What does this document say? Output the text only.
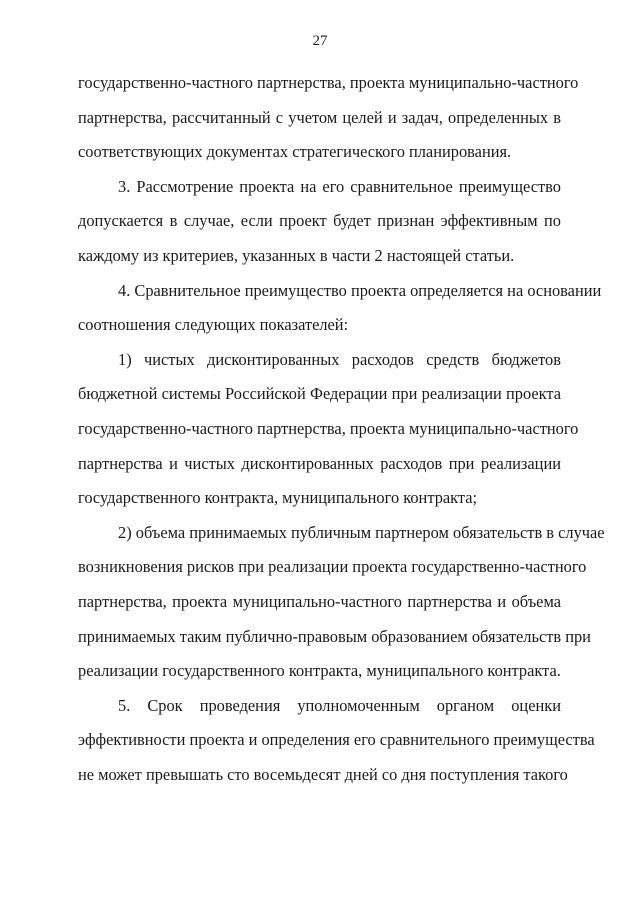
27
государственно-частного партнерства, проекта муниципально-частного
партнерства, рассчитанный с учетом целей и задач, определенных в
соответствующих документах стратегического планирования.
3. Рассмотрение проекта на его сравнительное преимущество
допускается в случае, если проект будет признан эффективным по
каждому из критериев, указанных в части 2 настоящей статьи.
4. Сравнительное преимущество проекта определяется на основании
соотношения следующих показателей:
1) чистых дисконтированных расходов средств бюджетов
бюджетной системы Российской Федерации при реализации проекта
государственно-частного партнерства, проекта муниципально-частного
партнерства и чистых дисконтированных расходов при реализации
государственного контракта, муниципального контракта;
2) объема принимаемых публичным партнером обязательств в случае
возникновения рисков при реализации проекта государственно-частного
партнерства, проекта муниципально-частного партнерства и объема
принимаемых таким публично-правовым образованием обязательств при
реализации государственного контракта, муниципального контракта.
5. Срок проведения уполномоченным органом оценки
эффективности проекта и определения его сравнительного преимущества
не может превышать сто восемьдесят дней со дня поступления такого
